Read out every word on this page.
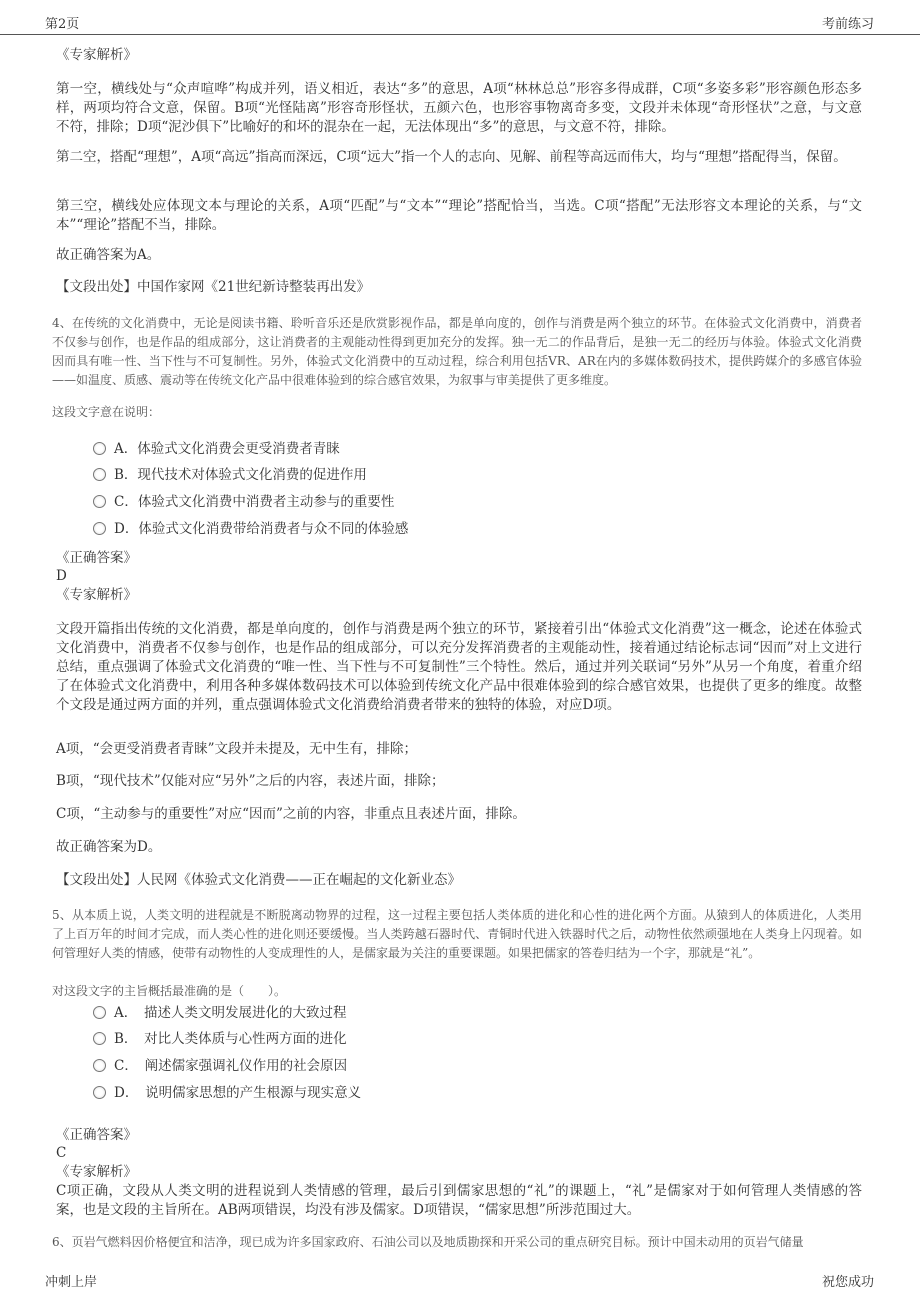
第2页	考前练习

《专家解析》

第一空，横线处与“众声喧哗”构成并列，语义相近，表达“多”的意思，A项“林林总总”形容多得成群，C项“多姿多彩”形容颜色形态多样，两项均符合文意，保留。B项“光怪陆离”形容奇形怪状，五颜六色，也形容事物离奇多变，文段并未体现“奇形怪状”之意，与文意不符，排除；D项“泥沙俱下”比喻好的和坏的混杂在一起，无法体现出“多”的意思，与文意不符，排除。

第二空，搭配“理想”，A项“高远”指高而深远，C项“远大”指一个人的志向、见解、前程等高远而伟大，均与“理想”搭配得当，保留。

第三空，横线处应体现文本与理论的关系，A项“匹配”与“文本”“理论”搭配恰当，当选。C项“搭配”无法形容文本理论的关系，与“文本”“理论”搭配不当，排除。

故正确答案为A。

【文段出处】中国作家网《21世纪新诗整装再出发》

4、在传统的文化消费中，无论是阅读书籍、聆听音乐还是欣赏影视作品，都是单向度的，创作与消费是两个独立的环节。在体验式文化消费中，消费者不仅参与创作，也是作品的组成部分，这让消费者的主观能动性得到更加充分的发挥。独一无二的作品背后，是独一无二的经历与体验。体验式文化消费因而具有唯一性、当下性与不可复制性。另外，体验式文化消费中的互动过程，综合利用包括VR、AR在内的多媒体数码技术，提供跨媒介的多感官体验——如温度、质感、震动等在传统文化产品中很难体验到的综合感官效果，为叙事与审美提供了更多维度。

这段文字意在说明：

A．体验式文化消费会更受消费者青睐
B．现代技术对体验式文化消费的促进作用
C．体验式文化消费中消费者主动参与的重要性
D．体验式文化消费带给消费者与众不同的体验感

《正确答案》

D

《专家解析》

文段开篇指出传统的文化消费，都是单向度的，创作与消费是两个独立的环节，紧接着引出“体验式文化消费”这一概念，论述在体验式文化消费中，消费者不仅参与创作，也是作品的组成部分，可以充分发挥消费者的主观能动性，接着通过结论标志词“因而”对上文进行总结，重点强调了体验式文化消费的“唯一性、当下性与不可复制性”三个特性。然后，通过并列关联词“另外”从另一个角度，着重介绍了在体验式文化消费中，利用各种多媒体数码技术可以体验到传统文化产品中很难体验到的综合感官效果，也提供了更多的维度。故整个文段是通过两方面的并列，重点强调体验式文化消费给消费者带来的独特的体验，对应D项。

A项，“会更受消费者青睐”文段并未提及，无中生有，排除；

B项，“现代技术”仅能对应“另外”之后的内容，表述片面，排除；

C项，“主动参与的重要性”对应“因而”之前的内容，非重点且表述片面，排除。

故正确答案为D。

【文段出处】人民网《体验式文化消费——正在崛起的文化新业态》

5、从本质上说，人类文明的进程就是不断脱离动物界的过程，这一过程主要包括人类体质的进化和心性的进化两个方面。从猿到人的体质进化，人类用了上百万年的时间才完成，而人类心性的进化则还要缓慢。当人类跨越石器时代、青铜时代进入铁器时代之后，动物性依然顽强地在人类身上闪现着。如何管理好人类的情感，使带有动物性的人变成理性的人，是儒家最为关注的重要课题。如果把儒家的答卷归结为一个字，那就是“礼”。

对这段文字的主旨概括最准确的是（　　）。

A．　描述人类文明发展进化的大致过程
B．　对比人类体质与心性两方面的进化
C．　阐述儒家强调礼仪作用的社会原因
D．　说明儒家思想的产生根源与现实意义

《正确答案》

C

《专家解析》

C项正确，文段从人类文明的进程说到人类情感的管理，最后引到儒家思想的“礼”的课题上，“礼”是儒家对于如何管理人类情感的答案，也是文段的主旨所在。AB两项错误，均没有涉及儒家。D项错误，“儒家思想”所涉范围过大。

6、页岩气燃料因价格便宜和洁净，现已成为许多国家政府、石油公司以及地质勘探和开采公司的重点研究目标。预计中国未动用的页岩气储量

冲刺上岸	祝您成功
